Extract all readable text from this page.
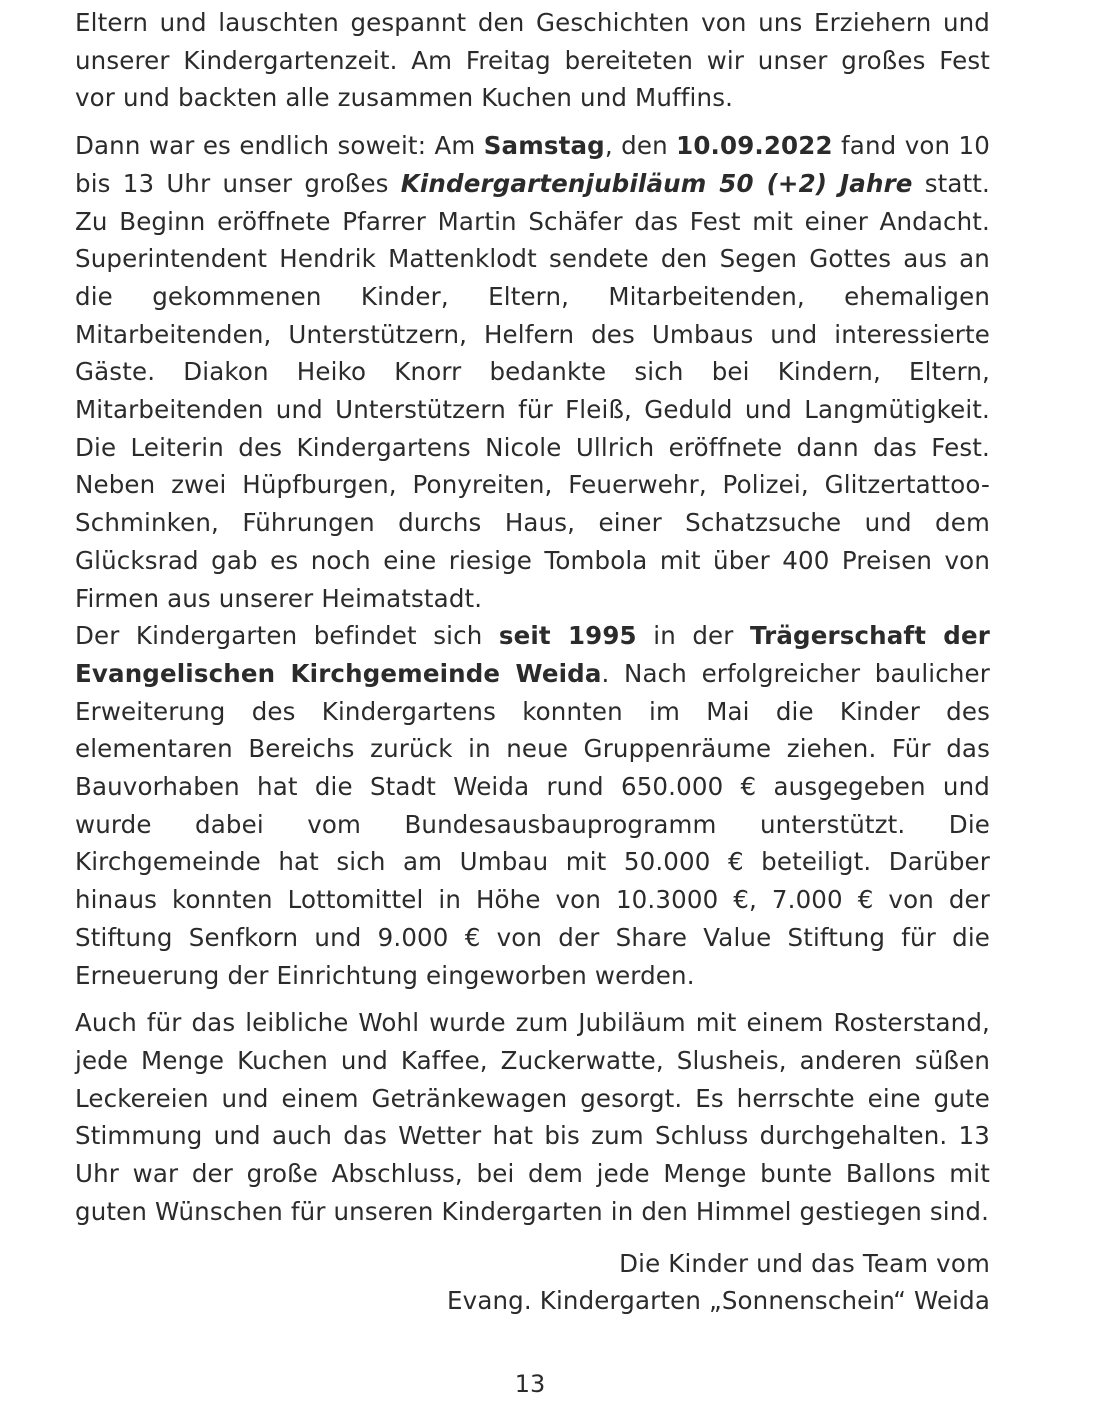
Eltern und lauschten gespannt den Geschichten von uns Erziehern und unserer Kindergartenzeit. Am Freitag bereiteten wir unser großes Fest vor und backten alle zusammen Kuchen und Muffins.

Dann war es endlich soweit: Am Samstag, den 10.09.2022 fand von 10 bis 13 Uhr unser großes Kindergartenjubiläum 50 (+2) Jahre statt. Zu Beginn eröffnete Pfarrer Martin Schäfer das Fest mit einer Andacht. Superintendent Hendrik Mattenklodt sendete den Segen Gottes aus an die gekommenen Kinder, Eltern, Mitarbeitenden, ehemaligen Mitarbeitenden, Unterstützern, Helfern des Umbaus und interessierte Gäste. Diakon Heiko Knorr bedankte sich bei Kindern, Eltern, Mitarbeitenden und Unterstützern für Fleiß, Geduld und Langmütigkeit. Die Leiterin des Kindergartens Nicole Ullrich eröffnete dann das Fest. Neben zwei Hüpfburgen, Ponyreiten, Feuerwehr, Polizei, Glitzertattoo-Schminken, Führungen durchs Haus, einer Schatzsuche und dem Glücksrad gab es noch eine riesige Tombola mit über 400 Preisen von Firmen aus unserer Heimatstadt.

Der Kindergarten befindet sich seit 1995 in der Trägerschaft der Evangelischen Kirchgemeinde Weida. Nach erfolgreicher baulicher Erweiterung des Kindergartens konnten im Mai die Kinder des elementaren Bereichs zurück in neue Gruppenräume ziehen. Für das Bauvorhaben hat die Stadt Weida rund 650.000 € ausgegeben und wurde dabei vom Bundesausbauprogramm unterstützt. Die Kirchgemeinde hat sich am Umbau mit 50.000 € beteiligt. Darüber hinaus konnten Lottomittel in Höhe von 10.3000 €, 7.000 € von der Stiftung Senfkorn und 9.000 € von der Share Value Stiftung für die Erneuerung der Einrichtung eingeworben werden.

Auch für das leibliche Wohl wurde zum Jubiläum mit einem Rosterstand, jede Menge Kuchen und Kaffee, Zuckerwatte, Slusheis, anderen süßen Leckereien und einem Getränkewagen gesorgt. Es herrschte eine gute Stimmung und auch das Wetter hat bis zum Schluss durchgehalten. 13 Uhr war der große Abschluss, bei dem jede Menge bunte Ballons mit guten Wünschen für unseren Kindergarten in den Himmel gestiegen sind.

Die Kinder und das Team vom
Evang. Kindergarten „Sonnenschein“ Weida
13
